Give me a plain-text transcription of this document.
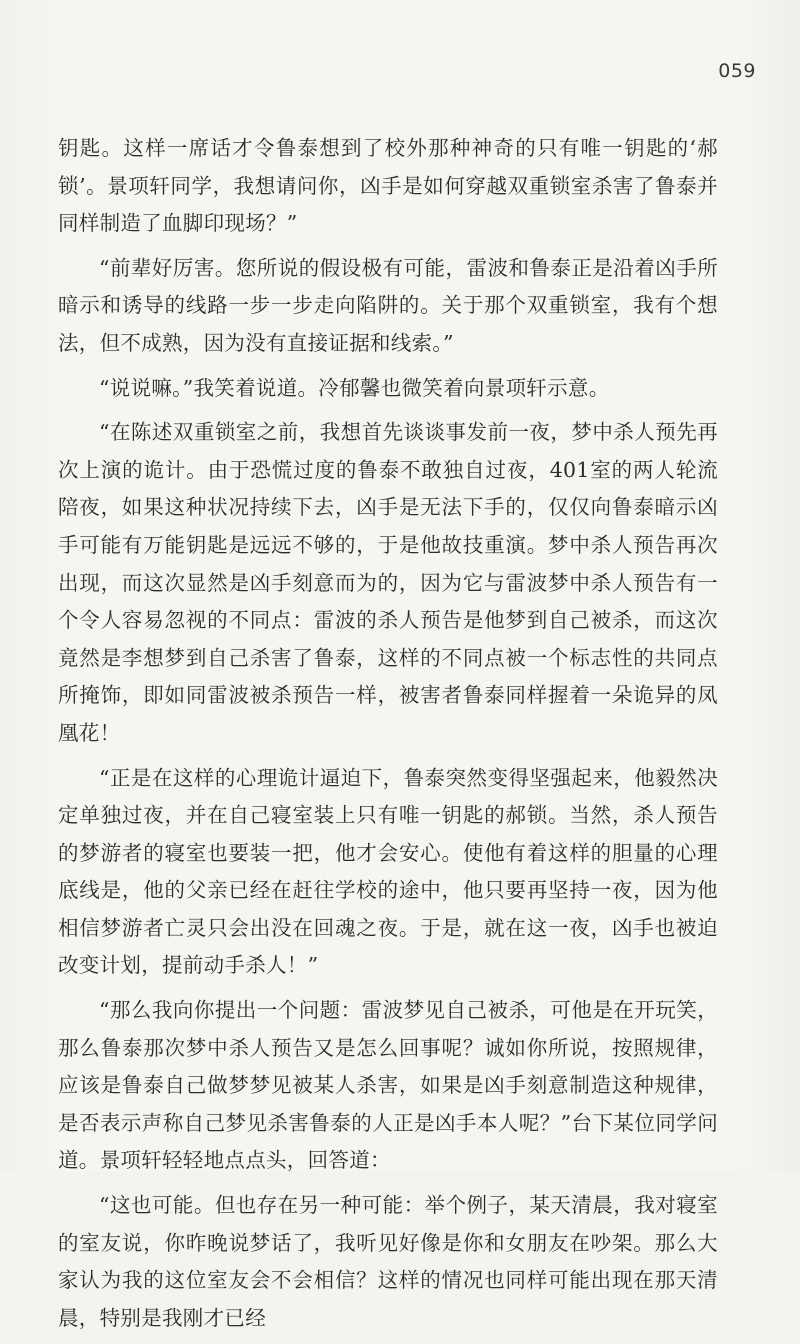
059

钥匙。这样一席话才令鲁泰想到了校外那种神奇的只有唯一钥匙的‘郝锁’。景项轩同学，我想请问你，凶手是如何穿越双重锁室杀害了鲁泰并同样制造了血脚印现场？”

“前辈好厉害。您所说的假设极有可能，雷波和鲁泰正是沿着凶手所暗示和诱导的线路一步一步走向陷阱的。关于那个双重锁室，我有个想法，但不成熟，因为没有直接证据和线索。”

“说说嘛。”我笑着说道。冷郁馨也微笑着向景项轩示意。

“在陈述双重锁室之前，我想首先谈谈事发前一夜，梦中杀人预先再次上演的诡计。由于恐慌过度的鲁泰不敢独自过夜，401室的两人轮流陪夜，如果这种状况持续下去，凶手是无法下手的，仅仅向鲁泰暗示凶手可能有万能钥匙是远远不够的，于是他故技重演。梦中杀人预告再次出现，而这次显然是凶手刻意而为的，因为它与雷波梦中杀人预告有一个令人容易忽视的不同点：雷波的杀人预告是他梦到自己被杀，而这次竟然是李想梦到自己杀害了鲁泰，这样的不同点被一个标志性的共同点所掩饰，即如同雷波被杀预告一样，被害者鲁泰同样握着一朵诡异的凤凰花！

“正是在这样的心理诡计逼迫下，鲁泰突然变得坚强起来，他毅然决定单独过夜，并在自己寝室装上只有唯一钥匙的郝锁。当然，杀人预告的梦游者的寝室也要装一把，他才会安心。使他有着这样的胆量的心理底线是，他的父亲已经在赶往学校的途中，他只要再坚持一夜，因为他相信梦游者亡灵只会出没在回魂之夜。于是，就在这一夜，凶手也被迫改变计划，提前动手杀人！”

“那么我向你提出一个问题：雷波梦见自己被杀，可他是在开玩笑，那么鲁泰那次梦中杀人预告又是怎么回事呢？诚如你所说，按照规律，应该是鲁泰自己做梦梦见被某人杀害，如果是凶手刻意制造这种规律，是否表示声称自己梦见杀害鲁泰的人正是凶手本人呢？”台下某位同学问道。景项轩轻轻地点点头，回答道：

“这也可能。但也存在另一种可能：举个例子，某天清晨，我对寝室的室友说，你昨晚说梦话了，我听见好像是你和女朋友在吵架。那么大家认为我的这位室友会不会相信？这样的情况也同样可能出现在那天清晨，特别是我刚才已经
